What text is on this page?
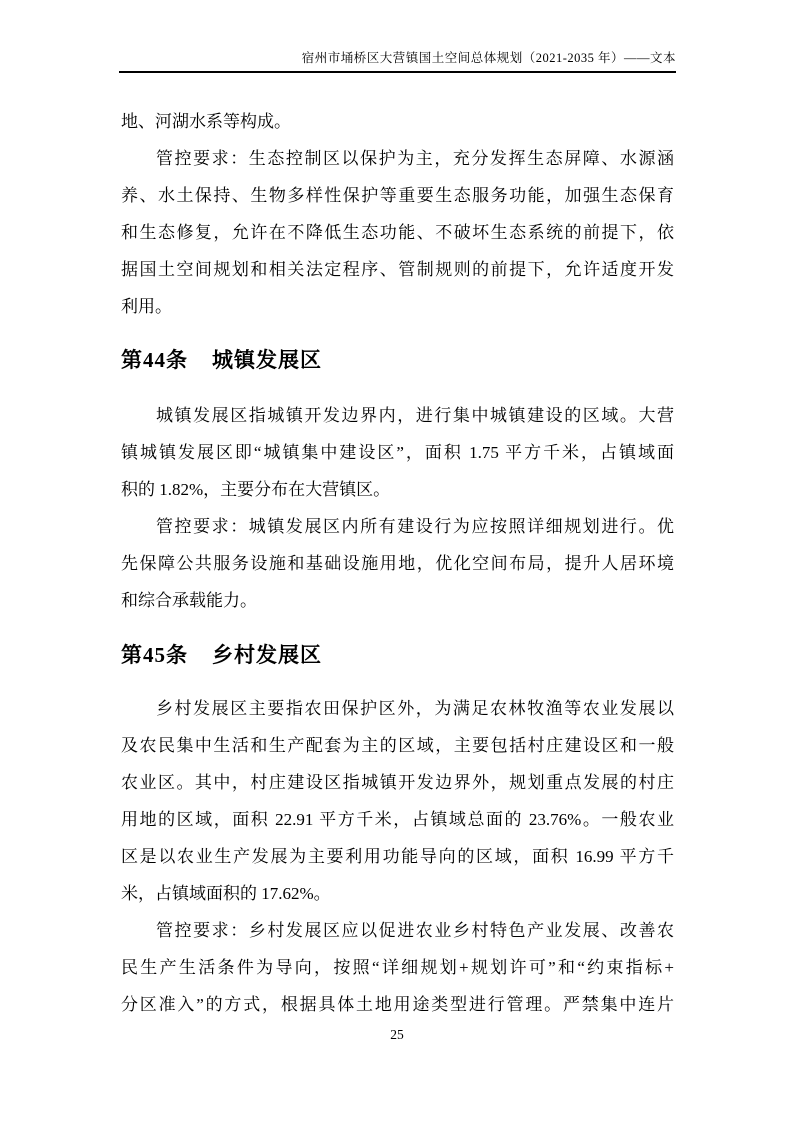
宿州市埇桥区大营镇国土空间总体规划（2021-2035 年）——文本
地、河湖水系等构成。
管控要求：生态控制区以保护为主，充分发挥生态屏障、水源涵
养、水土保持、生物多样性保护等重要生态服务功能，加强生态保育
和生态修复，允许在不降低生态功能、不破坏生态系统的前提下，依
据国土空间规划和相关法定程序、管制规则的前提下，允许适度开发
利用。
第44条 城镇发展区
城镇发展区指城镇开发边界内，进行集中城镇建设的区域。大营
镇城镇发展区即“城镇集中建设区”，面积 1.75 平方千米，占镇域面
积的 1.82%，主要分布在大营镇区。
管控要求：城镇发展区内所有建设行为应按照详细规划进行。优
先保障公共服务设施和基础设施用地，优化空间布局，提升人居环境
和综合承载能力。
第45条 乡村发展区
乡村发展区主要指农田保护区外，为满足农林牧渔等农业发展以
及农民集中生活和生产配套为主的区域，主要包括村庄建设区和一般
农业区。其中，村庄建设区指城镇开发边界外，规划重点发展的村庄
用地的区域，面积 22.91 平方千米，占镇域总面的 23.76%。一般农业
区是以农业生产发展为主要利用功能导向的区域，面积 16.99 平方千
米，占镇域面积的 17.62%。
管控要求：乡村发展区应以促进农业乡村特色产业发展、改善农
民生产生活条件为导向，按照“详细规划+规划许可”和“约束指标+
分区准入”的方式，根据具体土地用途类型进行管理。严禁集中连片
25
